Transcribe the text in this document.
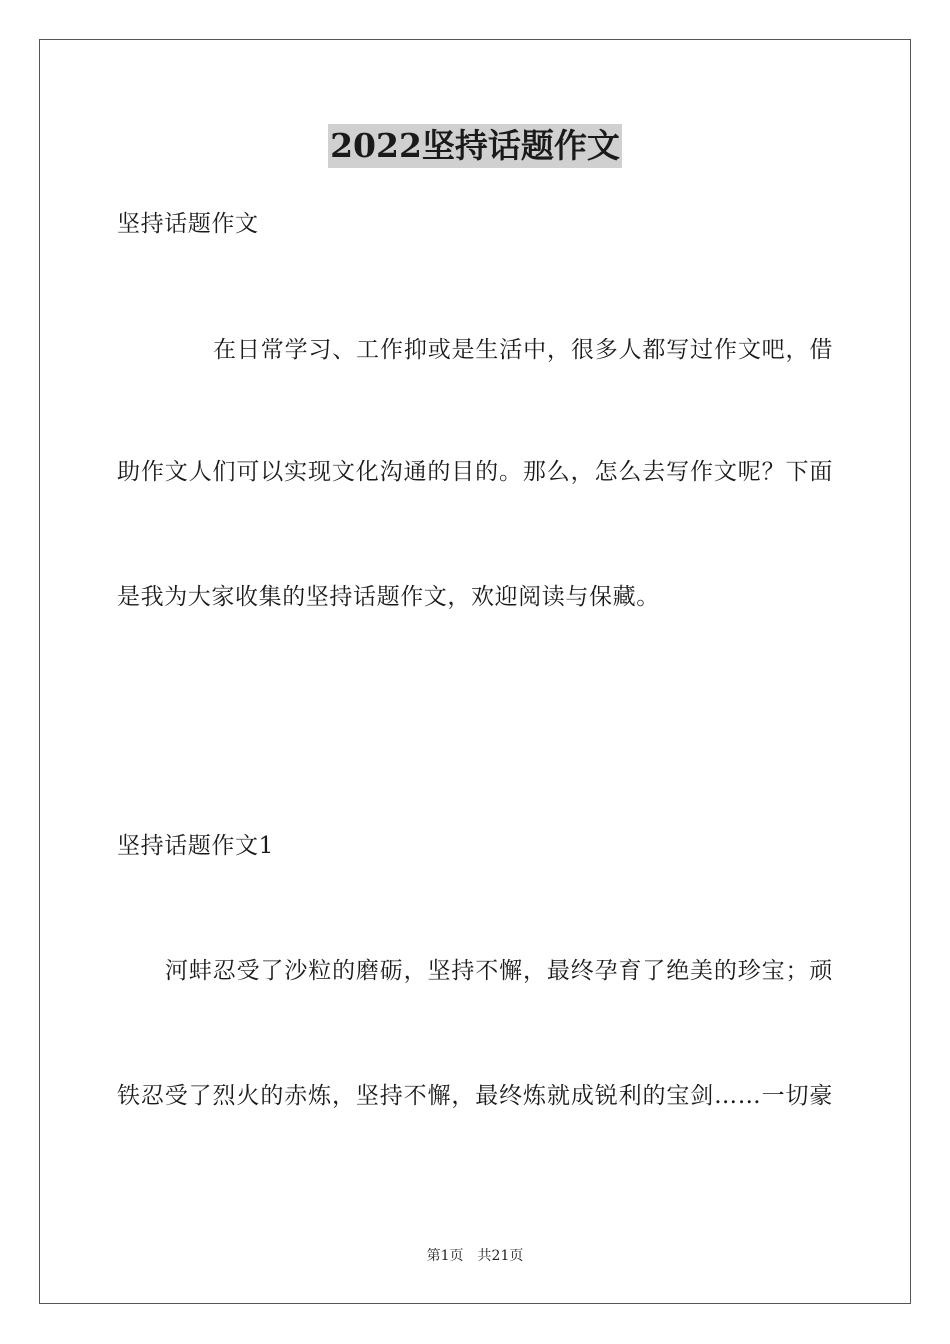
2022坚持话题作文
坚持话题作文
在日常学习、工作抑或是生活中，很多人都写过作文吧，借
助作文人们可以实现文化沟通的目的。那么，怎么去写作文呢？下面
是我为大家收集的坚持话题作文，欢迎阅读与保藏。
坚持话题作文1
河蚌忍受了沙粒的磨砺，坚持不懈，最终孕育了绝美的珍宝；顽
铁忍受了烈火的赤炼，坚持不懈，最终炼就成锐利的宝剑……一切豪
第1页　共21页
